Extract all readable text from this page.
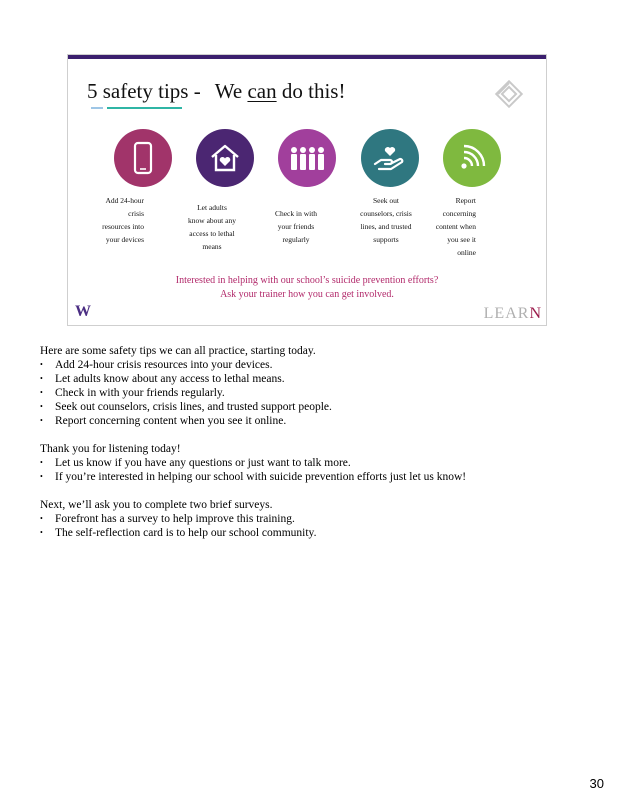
5 safety tips - We can do this!
Add 24-hour crisis resources into your devices
Let adults know about any access to lethal means
Check in with your friends regularly
Seek out counselors, crisis lines, and trusted supports
Report concerning content when you see it online
Interested in helping with our school’s suicide prevention efforts?
Ask your trainer how you can get involved.
W	LEARN

Here are some safety tips we can all practice, starting today.

• Add 24-hour crisis resources into your devices.
• Let adults know about any access to lethal means.
• Check in with your friends regularly.
• Seek out counselors, crisis lines, and trusted support people.
• Report concerning content when you see it online.

Thank you for listening today!

• Let us know if you have any questions or just want to talk more.
• If you’re interested in helping our school with suicide prevention efforts just let us know!

Next, we’ll ask you to complete two brief surveys.

• Forefront has a survey to help improve this training.
• The self-reflection card is to help our school community.
30
